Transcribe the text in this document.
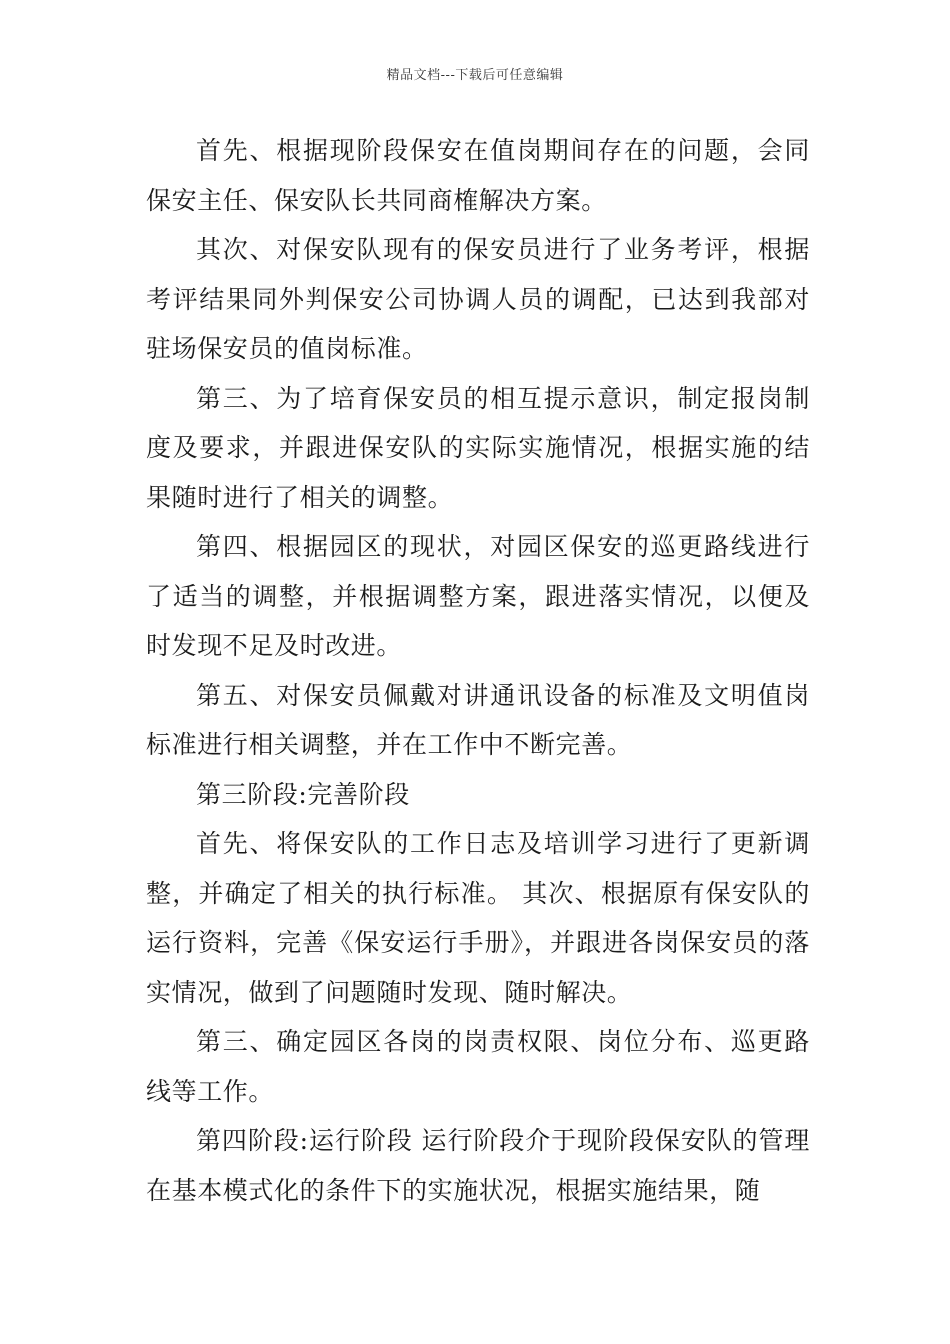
精品文档---下载后可任意编辑

首先、根据现阶段保安在值岗期间存在的问题，会同保安主任、保安队长共同商榷解决方案。

其次、对保安队现有的保安员进行了业务考评，根据考评结果同外判保安公司协调人员的调配，已达到我部对驻场保安员的值岗标准。

第三、为了培育保安员的相互提示意识，制定报岗制度及要求，并跟进保安队的实际实施情况，根据实施的结果随时进行了相关的调整。

第四、根据园区的现状，对园区保安的巡更路线进行了适当的调整，并根据调整方案，跟进落实情况，以便及时发现不足及时改进。

第五、对保安员佩戴对讲通讯设备的标准及文明值岗标准进行相关调整，并在工作中不断完善。

第三阶段:完善阶段

首先、将保安队的工作日志及培训学习进行了更新调整，并确定了相关的执行标准。 其次、根据原有保安队的运行资料，完善《保安运行手册》，并跟进各岗保安员的落实情况，做到了问题随时发现、随时解决。

第三、确定园区各岗的岗责权限、岗位分布、巡更路线等工作。

第四阶段:运行阶段 运行阶段介于现阶段保安队的管理在基本模式化的条件下的实施状况，根据实施结果，随
